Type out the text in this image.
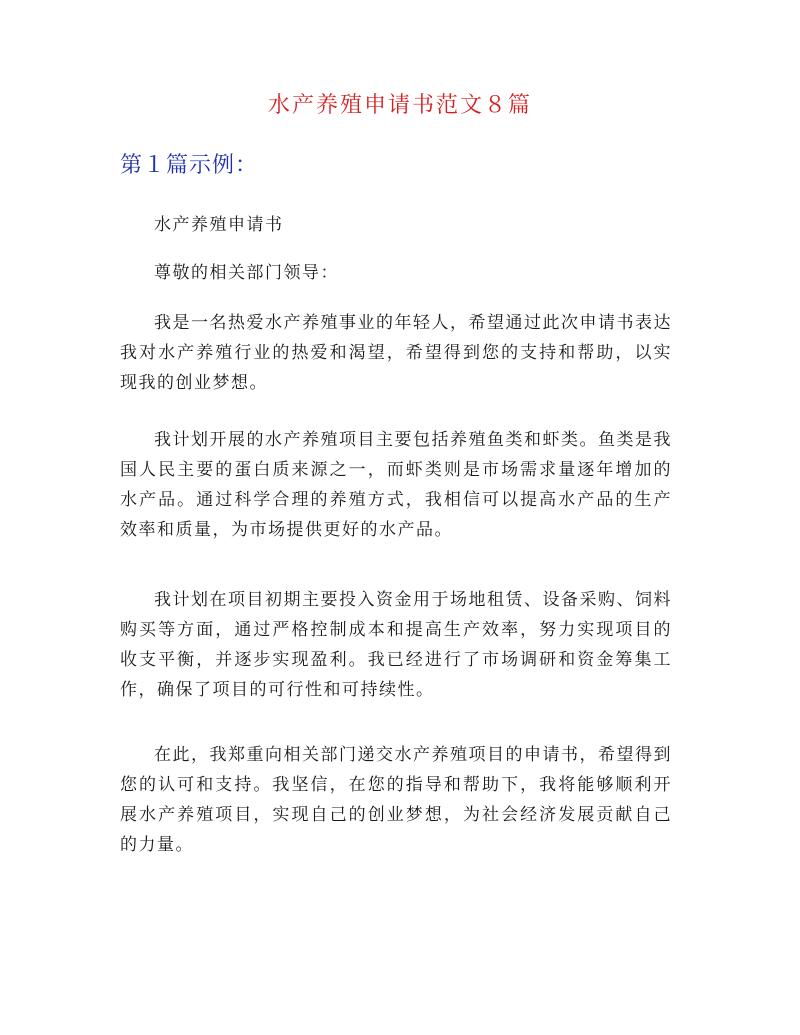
水产养殖申请书范文８篇
第１篇示例：

水产养殖申请书

尊敬的相关部门领导：

我是一名热爱水产养殖事业的年轻人，希望通过此次申请书表达我对水产养殖行业的热爱和渴望，希望得到您的支持和帮助，以实现我的创业梦想。

我计划开展的水产养殖项目主要包括养殖鱼类和虾类。鱼类是我国人民主要的蛋白质来源之一，而虾类则是市场需求量逐年增加的水产品。通过科学合理的养殖方式，我相信可以提高水产品的生产效率和质量，为市场提供更好的水产品。

我计划在项目初期主要投入资金用于场地租赁、设备采购、饲料购买等方面，通过严格控制成本和提高生产效率，努力实现项目的收支平衡，并逐步实现盈利。我已经进行了市场调研和资金筹集工作，确保了项目的可行性和可持续性。

在此，我郑重向相关部门递交水产养殖项目的申请书，希望得到您的认可和支持。我坚信，在您的指导和帮助下，我将能够顺利开展水产养殖项目，实现自己的创业梦想，为社会经济发展贡献自己的力量。
